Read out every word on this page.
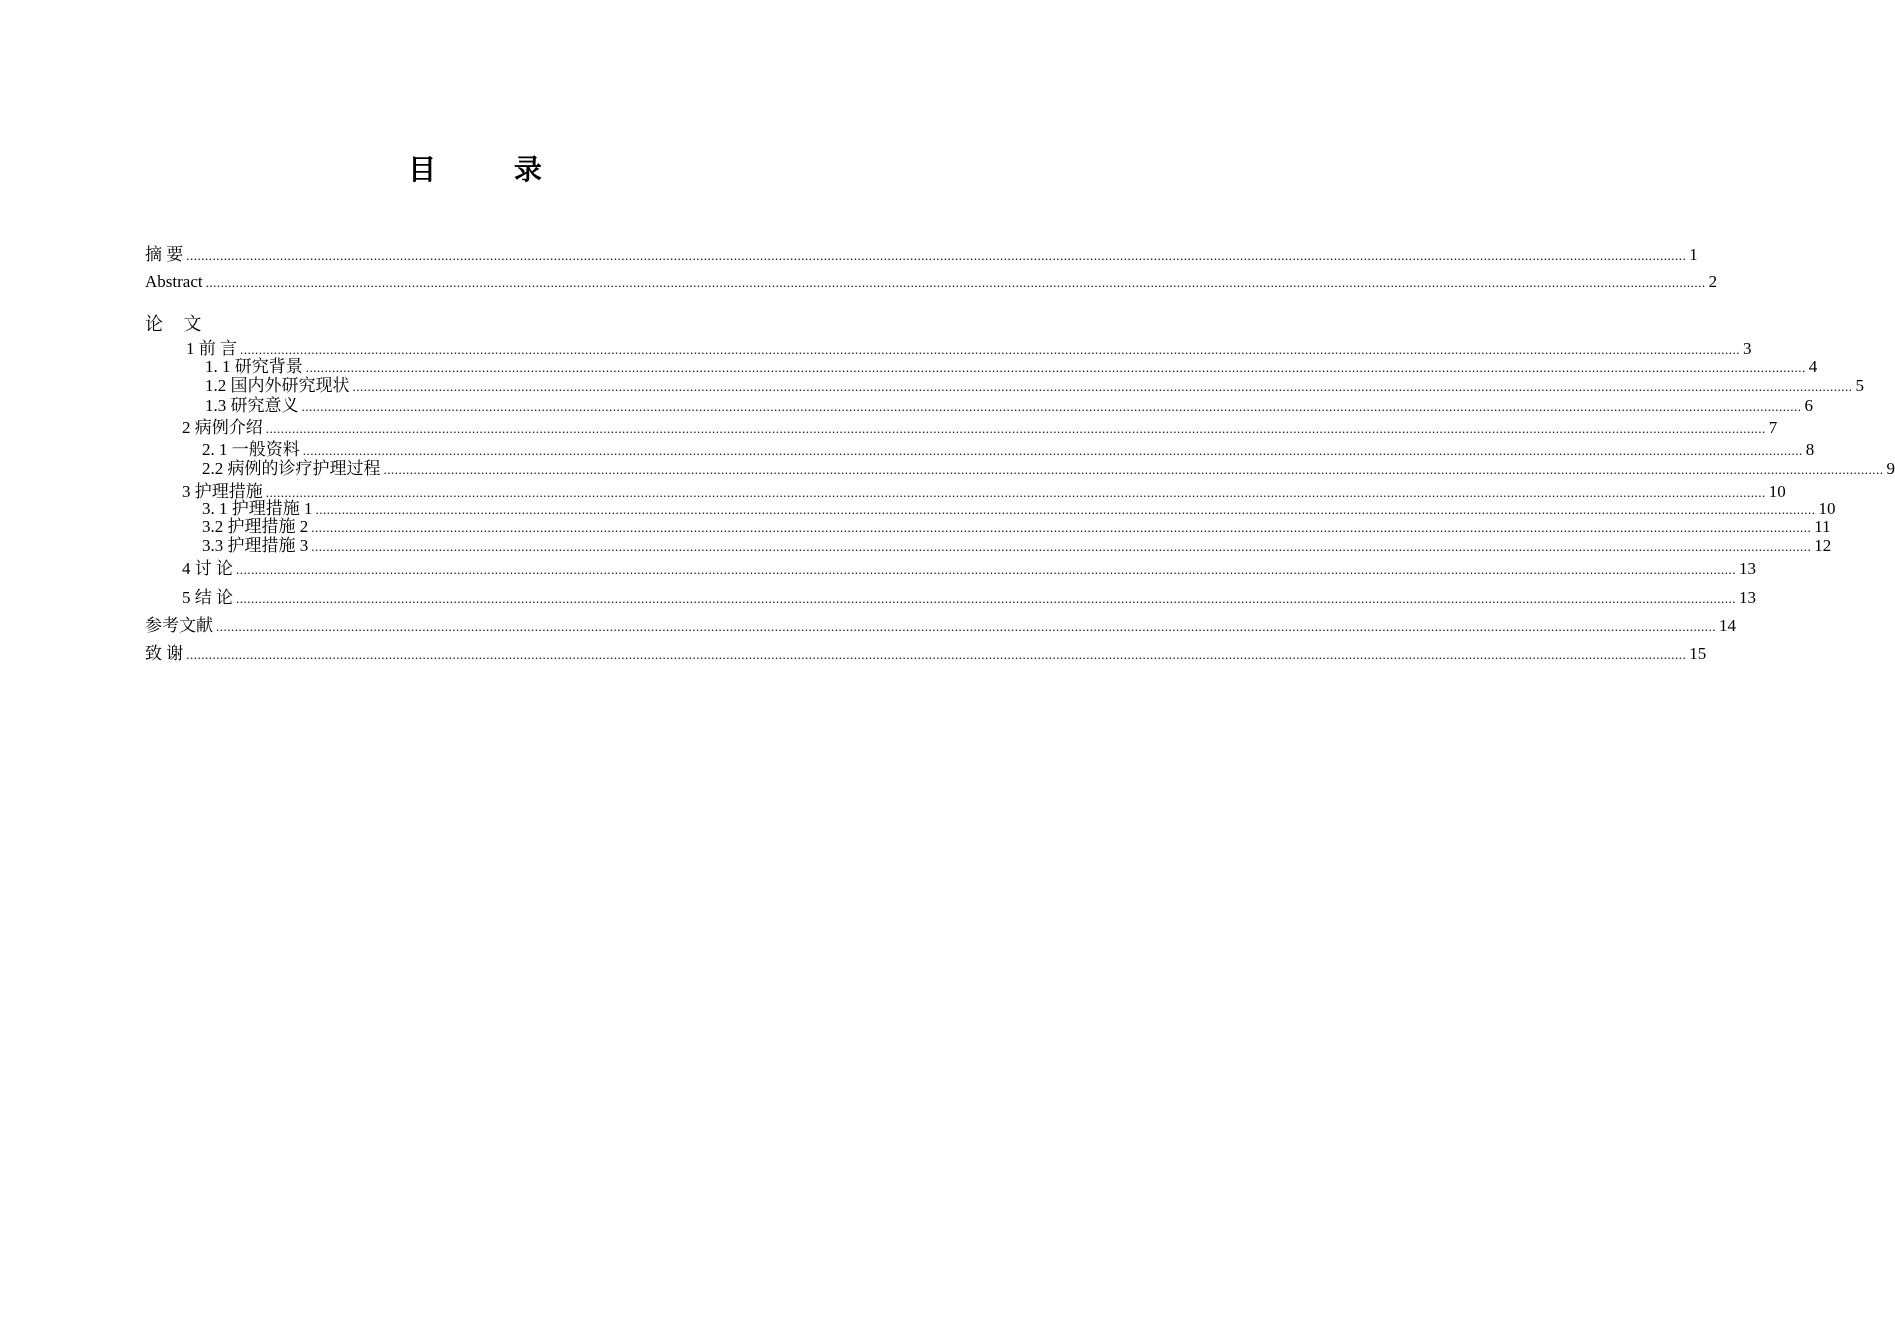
目 录
论 文
摘 要 ................................................................................................................................................................................................................................................................................................................................................................................................................ 1
Abstract ................................................................................................................................................................................................................................................................................................................................................................................................................ 2
1 前 言 ................................................................................................................................................................................................................................................................................................................................................................................................................ 3
1. 1 研究背景 ................................................................................................................................................................................................................................................................................................................................................................................................................ 4
1.2 国内外研究现状 ................................................................................................................................................................................................................................................................................................................................................................................................................ 5
1.3 研究意义 ................................................................................................................................................................................................................................................................................................................................................................................................................ 6
2 病例介绍 ................................................................................................................................................................................................................................................................................................................................................................................................................ 7
2. 1 一般资料 ................................................................................................................................................................................................................................................................................................................................................................................................................ 8
2.2 病例的诊疗护理过程 ................................................................................................................................................................................................................................................................................................................................................................................................................ 9
3 护理措施 ................................................................................................................................................................................................................................................................................................................................................................................................................ 10
3. 1 护理措施 1 ................................................................................................................................................................................................................................................................................................................................................................................................................ 10
3.2 护理措施 2 ................................................................................................................................................................................................................................................................................................................................................................................................................ 11
3.3 护理措施 3 ................................................................................................................................................................................................................................................................................................................................................................................................................ 12
4 讨 论 ................................................................................................................................................................................................................................................................................................................................................................................................................ 13
5 结 论 ................................................................................................................................................................................................................................................................................................................................................................................................................ 13
参考文献 ................................................................................................................................................................................................................................................................................................................................................................................................................ 14
致 谢 ................................................................................................................................................................................................................................................................................................................................................................................................................ 15
